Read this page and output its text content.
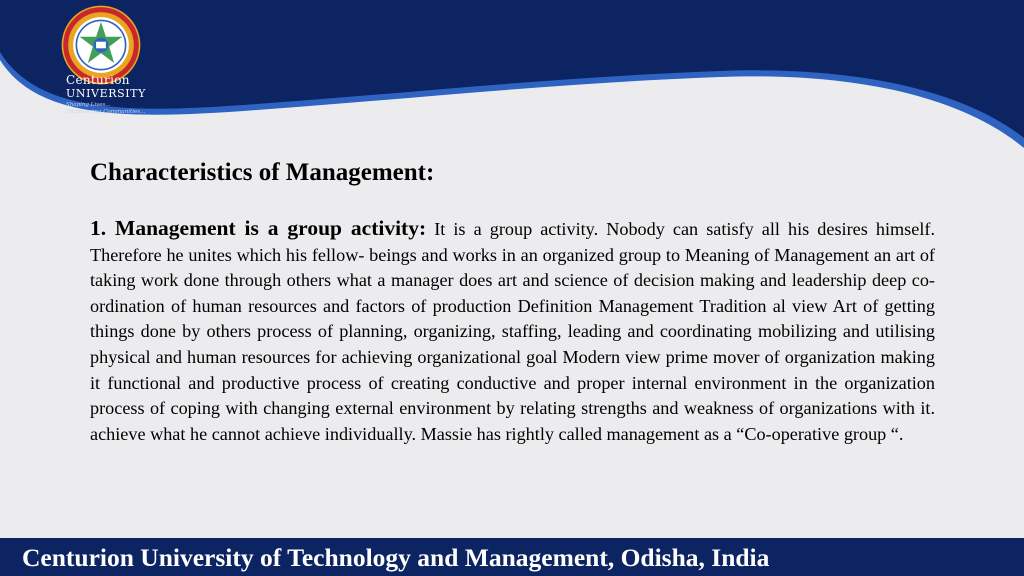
Centurion
UNIVERSITY
Shaping Lives...
Empowering Communities...
Characteristics of Management:

1. Management is a group activity: It is a group activity. Nobody can satisfy all his desires himself. Therefore he unites which his fellow- beings and works in an organized group to Meaning of Management an art of taking work done through others what a manager does art and science of decision making and leadership deep co-ordination of human resources and factors of production Definition Management Tradition al view Art of getting things done by others process of planning, organizing, staffing, leading and coordinating mobilizing and utilising physical and human resources for achieving organizational goal Modern view prime mover of organization making it functional and productive process of creating conductive and proper internal environment in the organization process of coping with changing external environment by relating strengths and weakness of organizations with it. achieve what he cannot achieve individually. Massie has rightly called management as a “Co-operative group “.

Centurion University of Technology and Management, Odisha, India
